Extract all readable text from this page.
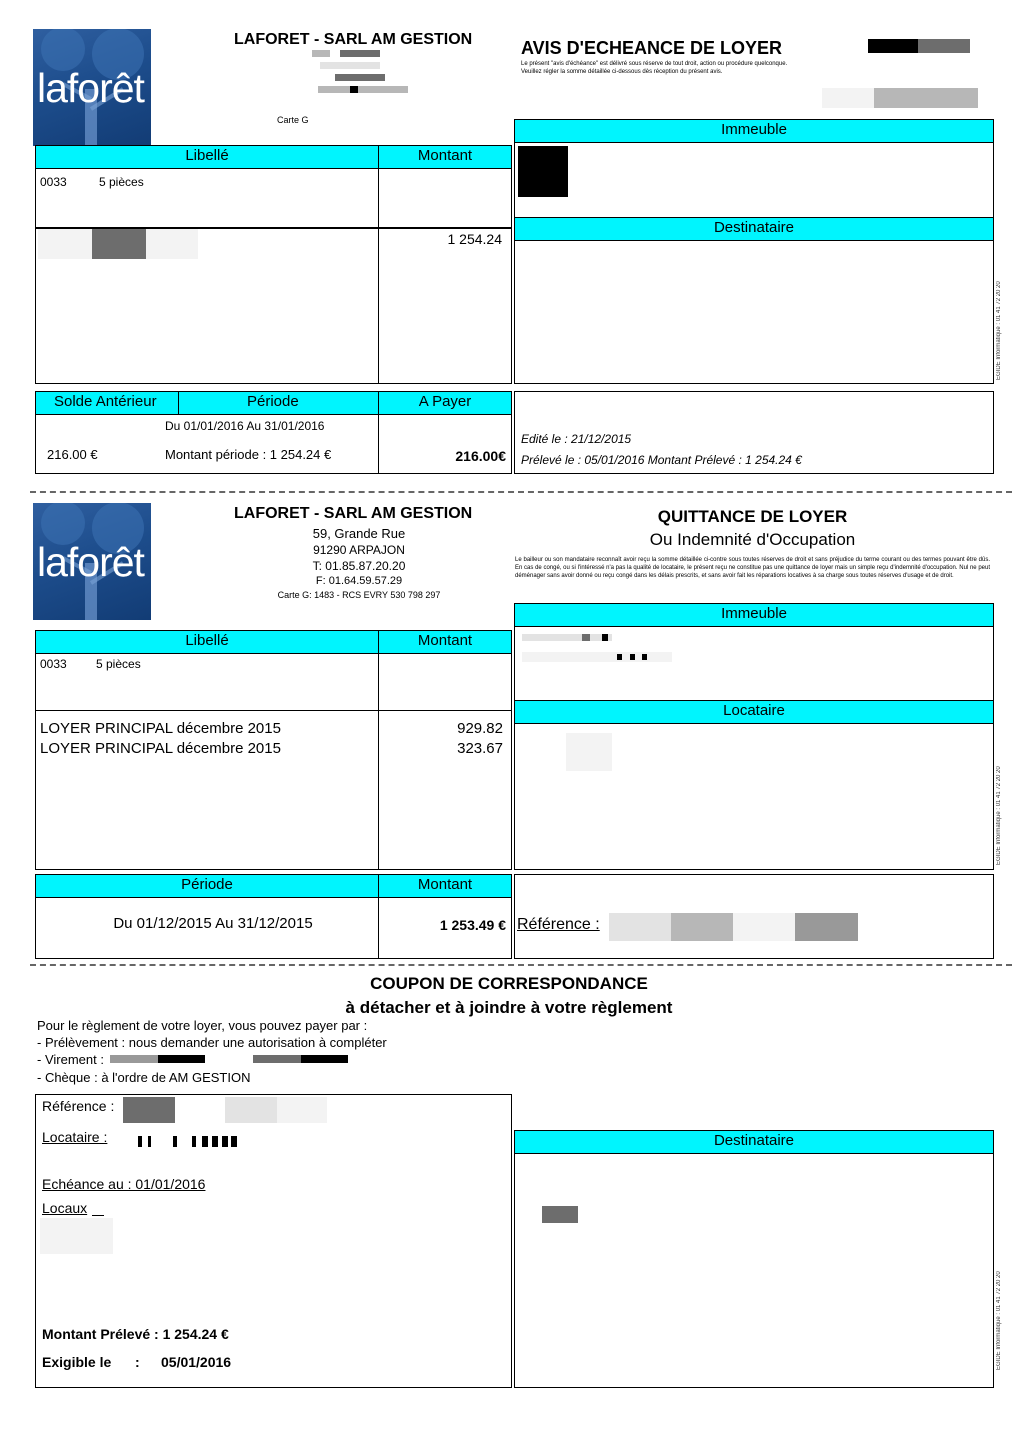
laforêt
LAFORET - SARL AM GESTION
Carte G
AVIS D'ECHEANCE DE LOYER
Le présent "avis d'échéance" est délivré sous réserve de tout droit, action ou procédure quelconque.
Veuillez régler la somme détaillée ci-dessous dès réception du présent avis.
Libellé	Montant
0033	5 pièces
1 254.24
Immeuble
Destinataire
EGIDE Informatique : 01 41 72 20 20
Solde Antérieur	Période	A Payer
Du 01/01/2016 Au 31/01/2016
216.00 €	Montant période : 1 254.24 €	216.00€
Edité le : 21/12/2015
Prélevé le : 05/01/2016 Montant Prélevé : 1 254.24 €
laforêt
LAFORET - SARL AM GESTION
59, Grande Rue
91290 ARPAJON
T: 01.85.87.20.20
F: 01.64.59.57.29
Carte G: 1483 - RCS EVRY 530 798 297
QUITTANCE DE LOYER
Ou Indemnité d'Occupation
Le bailleur ou son mandataire reconnaît avoir reçu la somme détaillée ci-contre sous toutes réserves de droit et sans préjudice du terme courant ou des termes pouvant être dûs. En cas de congé, ou si l'intéressé n'a pas la qualité de locataire, le présent reçu ne constitue pas une quittance de loyer mais un simple reçu d'indemnité d'occupation. Nul ne peut déménager sans avoir donné ou reçu congé dans les délais prescrits, et sans avoir fait les réparations locatives à sa charge sous toutes réserves d'usage et de droit.
Immeuble
Locataire
EGIDE Informatique : 01 41 72 20 20
Libellé	Montant
0033 5 pièces
LOYER PRINCIPAL décembre 2015	929.82
LOYER PRINCIPAL décembre 2015	323.67
Période	Montant
Du 01/12/2015 Au 31/12/2015	1 253.49 € Référence :
COUPON DE CORRESPONDANCE
à détacher et à joindre à votre règlement
Pour le règlement de votre loyer, vous pouvez payer par :
- Prélèvement : nous demander une autorisation à compléter
- Virement :
- Chèque : à l'ordre de AM GESTION
Référence :
Locataire :
Echéance au : 01/01/2016
Locaux
Montant Prélevé : 1 254.24 €
Exigible le : 05/01/2016
Destinataire
EGIDE Informatique : 01 41 72 20 20
